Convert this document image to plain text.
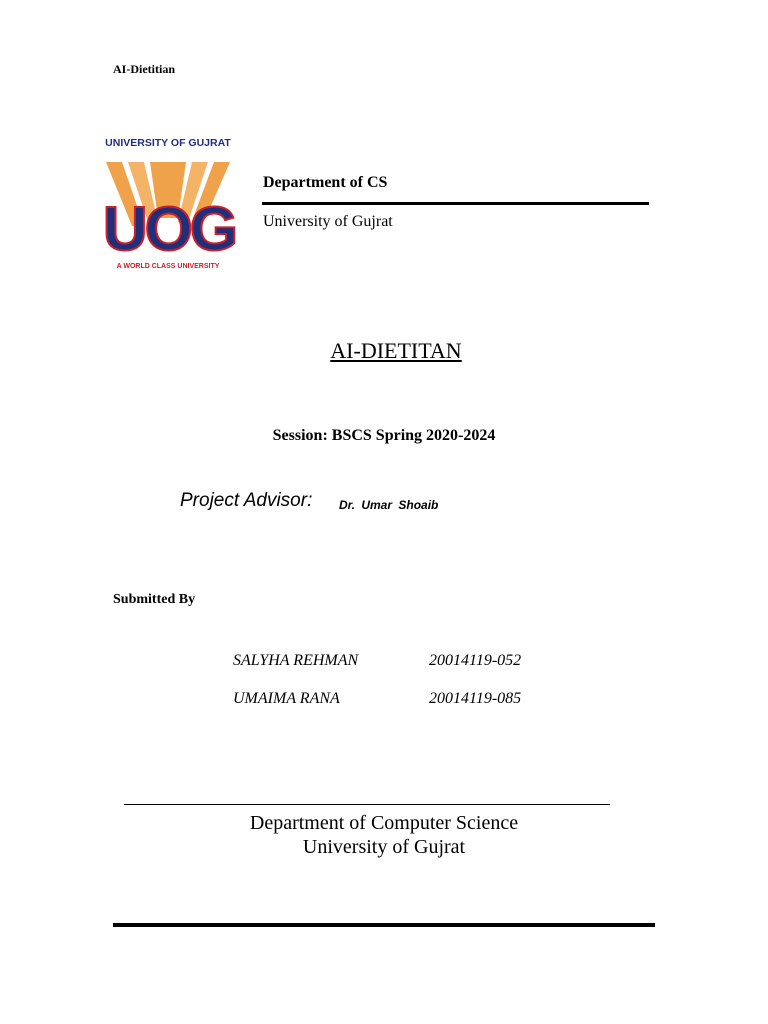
AI-Dietitian
UNIVERSITY OF GUJRAT
UOG
A WORLD CLASS UNIVERSITY
Department of CS
University of Gujrat
AI-DIETITAN
Session: BSCS Spring 2020-2024
Project Advisor: Dr. Umar Shoaib
Submitted By
SALYHA REHMAN	20014119-052
UMAIMA RANA	20014119-085
Department of Computer Science
University of Gujrat
